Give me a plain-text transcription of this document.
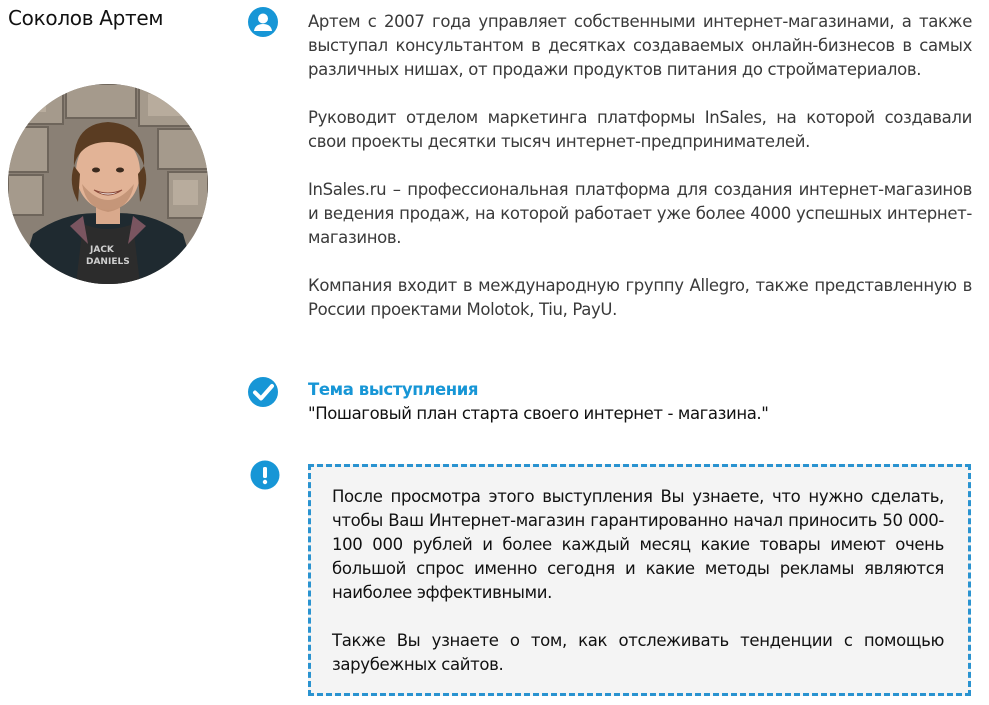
Соколов Артем
JACK
DANIELS

Артем с 2007 года управляет собственными интернет-магазинами, а также выступал консультантом в десятках создаваемых онлайн-бизнесов в самых различных нишах, от продажи продуктов питания до стройматериалов.

Руководит отделом маркетинга платформы InSales, на которой создавали свои проекты десятки тысяч интернет-предпринимателей.

InSales.ru – профессиональная платформа для создания интернет-магазинов и ведения продаж, на которой работает уже более 4000 успешных интернет-магазинов.

Компания входит в международную группу Allegro, также представленную в России проектами Molotok, Tiu, PayU.

Тема выступления
"Пошаговый план старта своего интернет - магазина."

После просмотра этого выступления Вы узнаете, что нужно сделать, чтобы Ваш Интернет-магазин гарантированно начал приносить 50 000-100 000 рублей и более каждый месяц какие товары имеют очень большой спрос именно сегодня и какие методы рекламы являются наиболее эффективными.

Также Вы узнаете о том, как отслеживать тенденции с помощью зарубежных сайтов.
